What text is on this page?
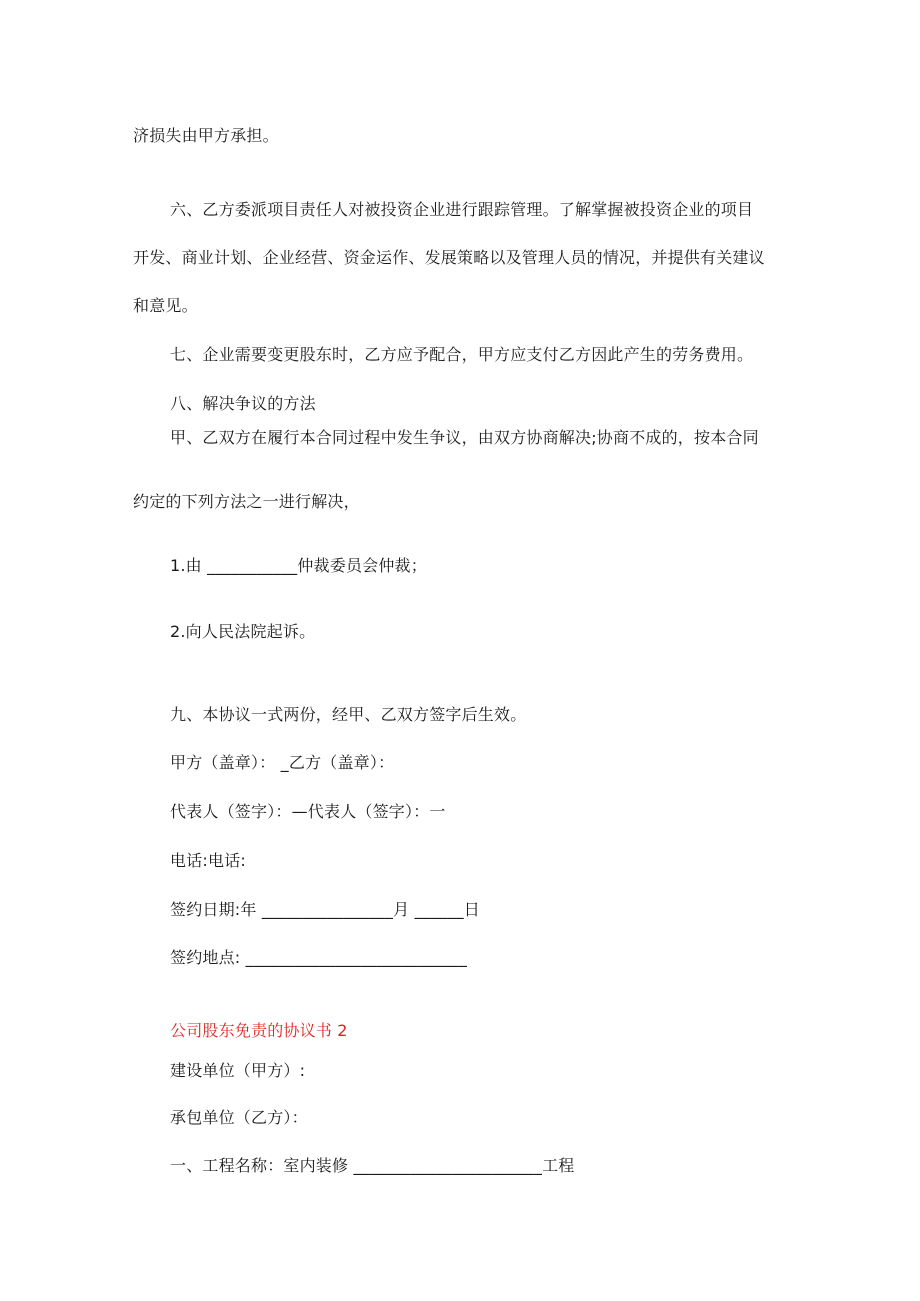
济损失由甲方承担。
六、乙方委派项目责任人对被投资企业进行跟踪管理。了解掌握被投资企业的项目
开发、商业计划、企业经营、资金运作、发展策略以及管理人员的情况，并提供有关建议
和意见。
七、企业需要变更股东时，乙方应予配合，甲方应支付乙方因此产生的劳务费用。
八、解决争议的方法
甲、乙双方在履行本合同过程中发生争议，由双方协商解决;协商不成的，按本合同
约定的下列方法之一进行解决，
1.由 ___________仲裁委员会仲裁；
2.向人民法院起诉。
九、本协议一式两份，经甲、乙双方签字后生效。
甲方（盖章）： _乙方（盖章）：
代表人（签字）：—代表人（签字）：一
电话:电话:
签约日期:年 ________________月 ______日
签约地点: ___________________________
公司股东免责的协议书 2
建设单位（甲方）:
承包单位（乙方）：
一、工程名称：室内装修 _______________________工程
